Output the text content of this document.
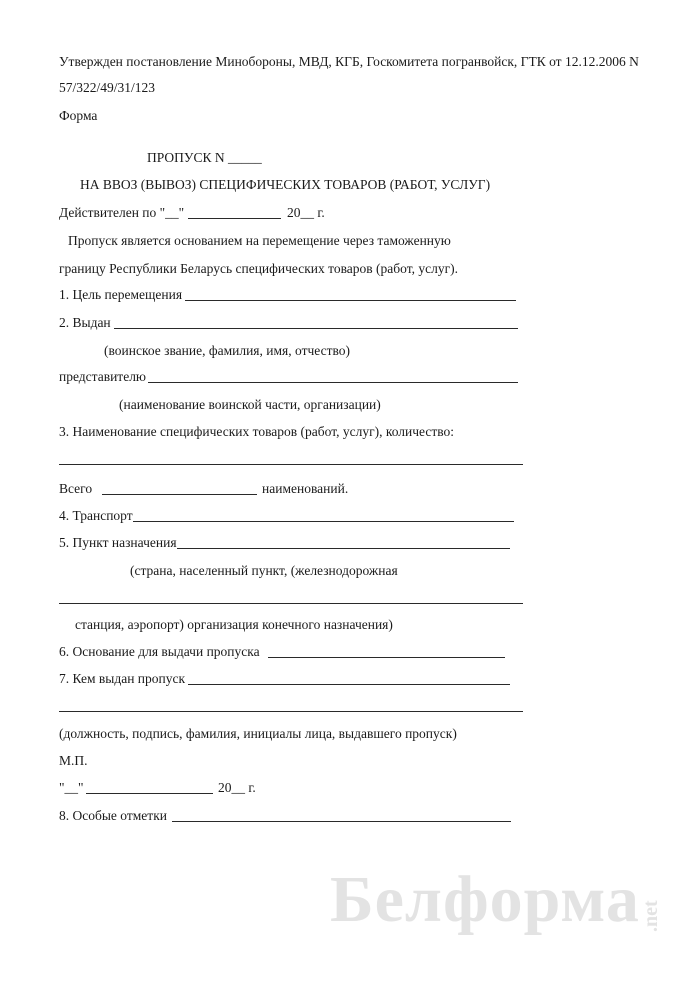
Утвержден постановление Минобороны, МВД, КГБ, Госкомитета погранвойск, ГТК от 12.12.2006 N
57/322/49/31/123
Форма
ПРОПУСК N _____
НА ВВОЗ (ВЫВОЗ) СПЕЦИФИЧЕСКИХ ТОВАРОВ (РАБОТ, УСЛУГ)
Действителен по "__"	20__ г.
Пропуск является основанием на перемещение через таможенную
границу Республики Беларусь специфических товаров (работ, услуг).
1. Цель перемещения
2. Выдан
(воинское звание, фамилия, имя, отчество)
представителю
(наименование воинской части, организации)
3. Наименование специфических товаров (работ, услуг), количество:
Всего	наименований.
4. Транспорт
5. Пункт назначения
(страна, населенный пункт, (железнодорожная
станция, аэропорт) организация конечного назначения)
6. Основание для выдачи пропуска
7. Кем выдан пропуск
(должность, подпись, фамилия, инициалы лица, выдавшего пропуск)
М.П.
"__"	20__ г.
8. Особые отметки
Белформа .net
